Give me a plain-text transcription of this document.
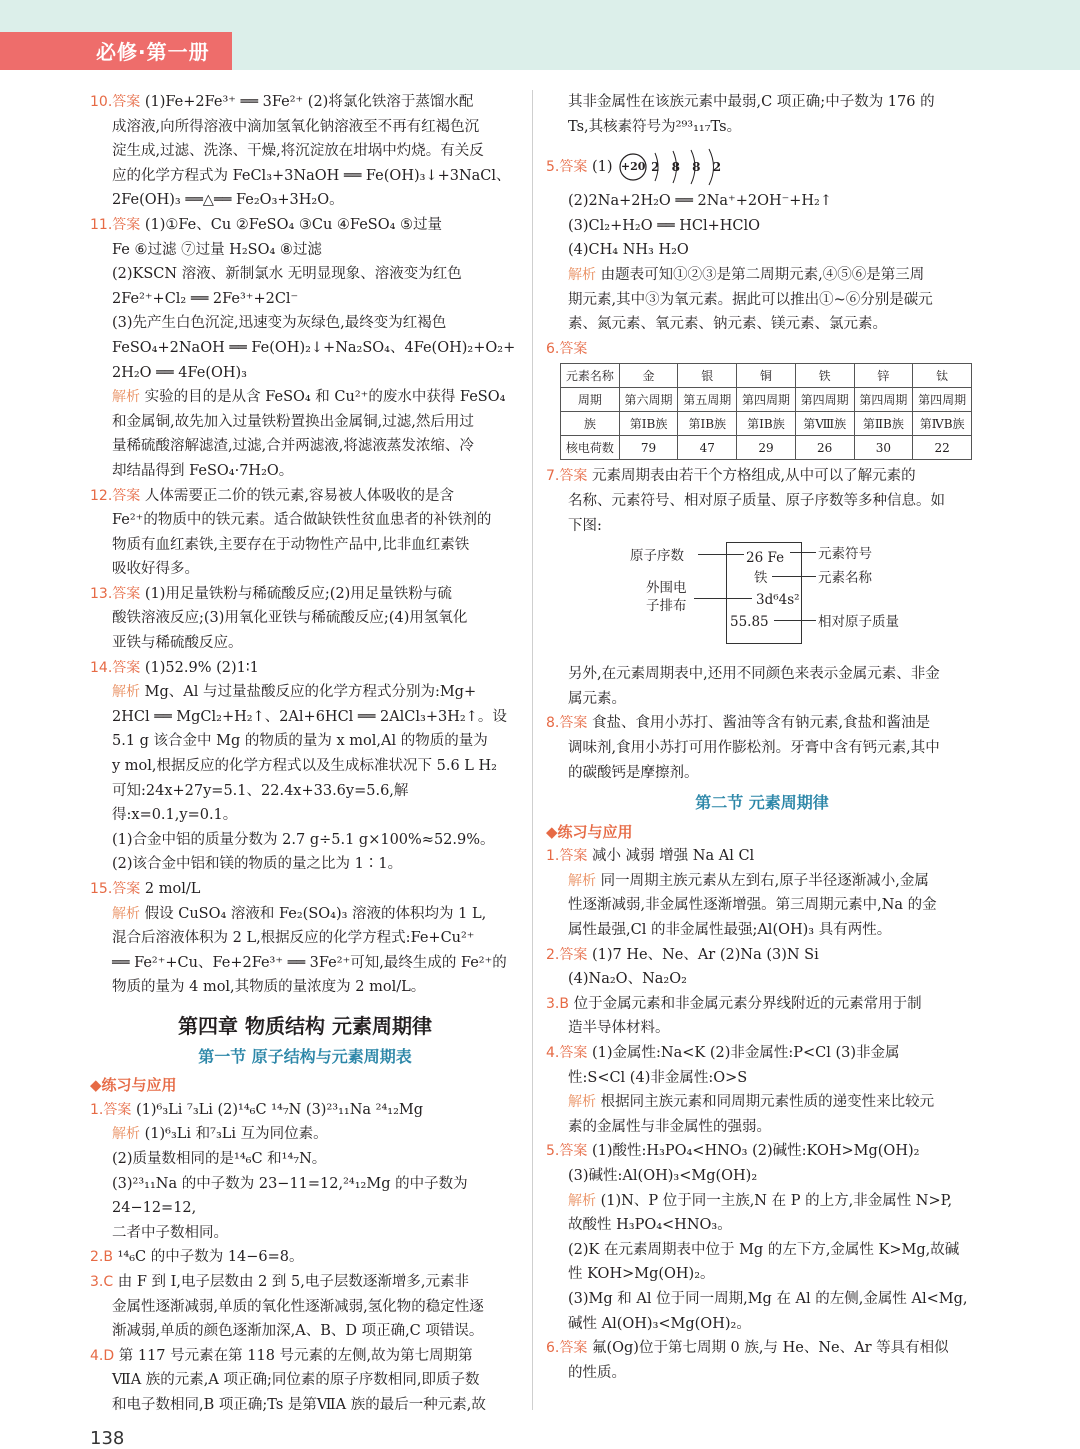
必修·第一册

10.答案 (1)Fe+2Fe³⁺ ══ 3Fe²⁺ (2)将氯化铁溶于蒸馏水配

成溶液,向所得溶液中滴加氢氧化钠溶液至不再有红褐色沉

淀生成,过滤、洗涤、干燥,将沉淀放在坩埚中灼烧。有关反

应的化学方程式为 FeCl₃+3NaOH ══ Fe(OH)₃↓+3NaCl、

2Fe(OH)₃ ══△══ Fe₂O₃+3H₂O。

11.答案 (1)①Fe、Cu ②FeSO₄ ③Cu ④FeSO₄ ⑤过量

Fe ⑥过滤 ⑦过量 H₂SO₄ ⑧过滤

(2)KSCN 溶液、新制氯水 无明显现象、溶液变为红色

2Fe²⁺+Cl₂ ══ 2Fe³⁺+2Cl⁻

(3)先产生白色沉淀,迅速变为灰绿色,最终变为红褐色

FeSO₄+2NaOH ══ Fe(OH)₂↓+Na₂SO₄、4Fe(OH)₂+O₂+

2H₂O ══ 4Fe(OH)₃

解析 实验的目的是从含 FeSO₄ 和 Cu²⁺的废水中获得 FeSO₄

和金属铜,故先加入过量铁粉置换出金属铜,过滤,然后用过

量稀硫酸溶解滤渣,过滤,合并两滤液,将滤液蒸发浓缩、冷

却结晶得到 FeSO₄·7H₂O。

12.答案 人体需要正二价的铁元素,容易被人体吸收的是含

Fe²⁺的物质中的铁元素。适合做缺铁性贫血患者的补铁剂的

物质有血红素铁,主要存在于动物性产品中,比非血红素铁

吸收好得多。

13.答案 (1)用足量铁粉与稀硫酸反应;(2)用足量铁粉与硫

酸铁溶液反应;(3)用氧化亚铁与稀硫酸反应;(4)用氢氧化

亚铁与稀硫酸反应。

14.答案 (1)52.9% (2)1∶1

解析 Mg、Al 与过量盐酸反应的化学方程式分别为:Mg+

2HCl ══ MgCl₂+H₂↑、2Al+6HCl ══ 2AlCl₃+3H₂↑。设

5.1 g 该合金中 Mg 的物质的量为 x mol,Al 的物质的量为

y mol,根据反应的化学方程式以及生成标准状况下 5.6 L H₂

可知:24x+27y=5.1、22.4x+33.6y=5.6,解得:x=0.1,y=0.1。

(1)合金中铝的质量分数为 2.7 g÷5.1 g×100%≈52.9%。

(2)该合金中铝和镁的物质的量之比为 1∶1。

15.答案 2 mol/L

解析 假设 CuSO₄ 溶液和 Fe₂(SO₄)₃ 溶液的体积均为 1 L,

混合后溶液体积为 2 L,根据反应的化学方程式:Fe+Cu²⁺

══ Fe²⁺+Cu、Fe+2Fe³⁺ ══ 3Fe²⁺可知,最终生成的 Fe²⁺的

物质的量为 4 mol,其物质的量浓度为 2 mol/L。

第四章 物质结构 元素周期律
第一节 原子结构与元素周期表

◆练习与应用

1.答案 (1)⁶₃Li ⁷₃Li (2)¹⁴₆C ¹⁴₇N (3)²³₁₁Na ²⁴₁₂Mg

解析 (1)⁶₃Li 和⁷₃Li 互为同位素。

(2)质量数相同的是¹⁴₆C 和¹⁴₇N。

(3)²³₁₁Na 的中子数为 23−11=12,²⁴₁₂Mg 的中子数为 24−12=12,

二者中子数相同。

2.B ¹⁴₆C 的中子数为 14−6=8。

3.C 由 F 到 I,电子层数由 2 到 5,电子层数逐渐增多,元素非

金属性逐渐减弱,单质的氧化性逐渐减弱,氢化物的稳定性逐

渐减弱,单质的颜色逐渐加深,A、B、D 项正确,C 项错误。

4.D 第 117 号元素在第 118 号元素的左侧,故为第七周期第

ⅦA 族的元素,A 项正确;同位素的原子序数相同,即质子数

和电子数相同,B 项正确;Ts 是第ⅦA 族的最后一种元素,故

其非金属性在该族元素中最弱,C 项正确;中子数为 176 的

Ts,其核素符号为²⁹³₁₁₇Ts。

5.答案 (1) +20 2 8 8 2

(2)2Na+2H₂O ══ 2Na⁺+2OH⁻+H₂↑

(3)Cl₂+H₂O ══ HCl+HClO

(4)CH₄ NH₃ H₂O

解析 由题表可知①②③是第二周期元素,④⑤⑥是第三周

期元素,其中③为氧元素。据此可以推出①~⑥分别是碳元

素、氮元素、氧元素、钠元素、镁元素、氯元素。

6.答案

元素名称	金	银	铜	铁	锌	钛
周期	第六周期	第五周期	第四周期	第四周期	第四周期	第四周期
族	第ⅠB族	第ⅠB族	第ⅠB族	第Ⅷ族	第ⅡB族	第ⅣB族
核电荷数	79	47	29	26	30	22

7.答案 元素周期表由若干个方格组成,从中可以了解元素的

名称、元素符号、相对原子质量、原子序数等多种信息。如

下图:

原子序数
外围电
子排布
26 Fe
铁
3d⁶4s²
55.85
元素符号
元素名称
相对原子质量

另外,在元素周期表中,还用不同颜色来表示金属元素、非金

属元素。

8.答案 食盐、食用小苏打、酱油等含有钠元素,食盐和酱油是

调味剂,食用小苏打可用作膨松剂。牙膏中含有钙元素,其中

的碳酸钙是摩擦剂。

第二节 元素周期律

◆练习与应用

1.答案 减小 减弱 增强 Na Al Cl

解析 同一周期主族元素从左到右,原子半径逐渐减小,金属

性逐渐减弱,非金属性逐渐增强。第三周期元素中,Na 的金

属性最强,Cl 的非金属性最强;Al(OH)₃ 具有两性。

2.答案 (1)7 He、Ne、Ar (2)Na (3)N Si

(4)Na₂O、Na₂O₂

3.B 位于金属元素和非金属元素分界线附近的元素常用于制

造半导体材料。

4.答案 (1)金属性:Na<K (2)非金属性:P<Cl (3)非金属

性:S<Cl (4)非金属性:O>S

解析 根据同主族元素和同周期元素性质的递变性来比较元

素的金属性与非金属性的强弱。

5.答案 (1)酸性:H₃PO₄<HNO₃ (2)碱性:KOH>Mg(OH)₂

(3)碱性:Al(OH)₃<Mg(OH)₂

解析 (1)N、P 位于同一主族,N 在 P 的上方,非金属性 N>P,

故酸性 H₃PO₄<HNO₃。

(2)K 在元素周期表中位于 Mg 的左下方,金属性 K>Mg,故碱

性 KOH>Mg(OH)₂。

(3)Mg 和 Al 位于同一周期,Mg 在 Al 的左侧,金属性 Al<Mg,

碱性 Al(OH)₃<Mg(OH)₂。

6.答案 氟(Og)位于第七周期 0 族,与 He、Ne、Ar 等具有相似

的性质。

138
